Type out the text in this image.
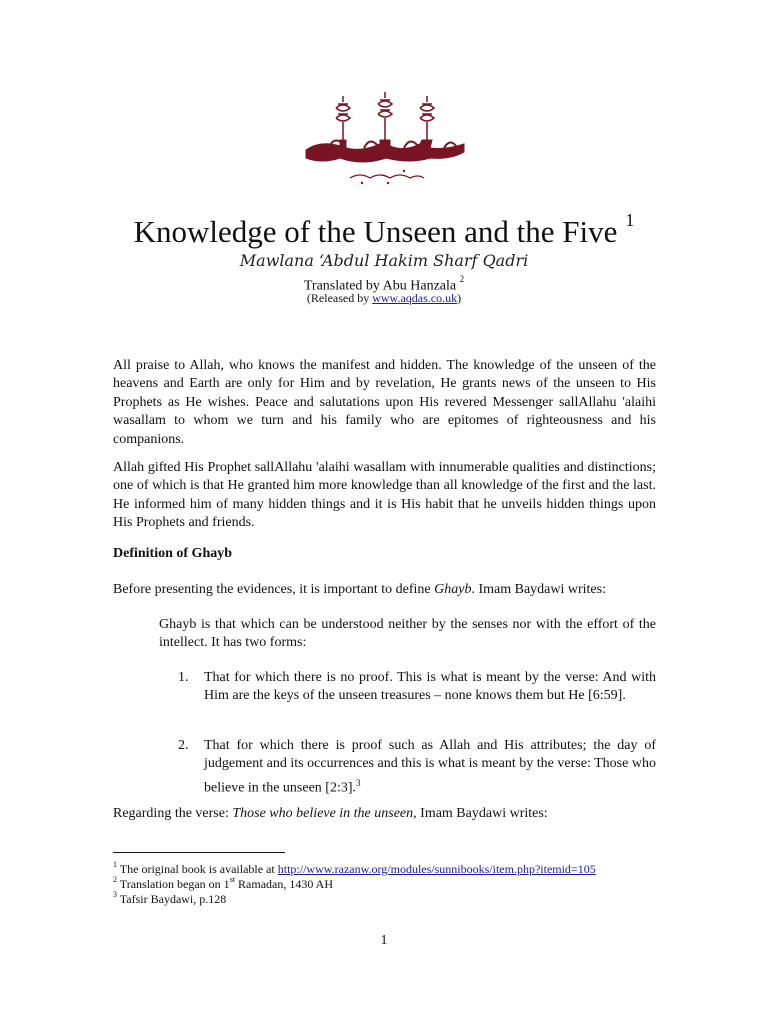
Knowledge of the Unseen and the Five $^1$
Mawlana ‘Abdul Hakim Sharf Qadri
Translated by Abu Hanzala $^2$
(Released by www.aqdas.co.uk)

All praise to Allah, who knows the manifest and hidden. The knowledge of the unseen of the heavens and Earth are only for Him and by revelation, He grants news of the unseen to His Prophets as He wishes. Peace and salutations upon His revered Messenger sallAllahu 'alaihi wasallam to whom we turn and his family who are epitomes of righteousness and his companions.

Allah gifted His Prophet sallAllahu 'alaihi wasallam with innumerable qualities and distinctions; one of which is that He granted him more knowledge than all knowledge of the first and the last. He informed him of many hidden things and it is His habit that he unveils hidden things upon His Prophets and friends.

Definition of Ghayb

Before presenting the evidences, it is important to define Ghayb. Imam Baydawi writes:

Ghayb is that which can be understood neither by the senses nor with the effort of the intellect. It has two forms:

1. That for which there is no proof. This is what is meant by the verse: And with Him are the keys of the unseen treasures – none knows them but He [6:59].
2. That for which there is proof such as Allah and His attributes; the day of judgement and its occurrences and this is what is meant by the verse: Those who believe in the unseen [2:3].$^3$

Regarding the verse: Those who believe in the unseen, Imam Baydawi writes:

$^1$ The original book is available at http://www.razanw.org/modules/sunnibooks/item.php?itemid=105
$^2$ Translation began on 1st Ramadan, 1430 AH
$^3$ Tafsir Baydawi, p.128
1
